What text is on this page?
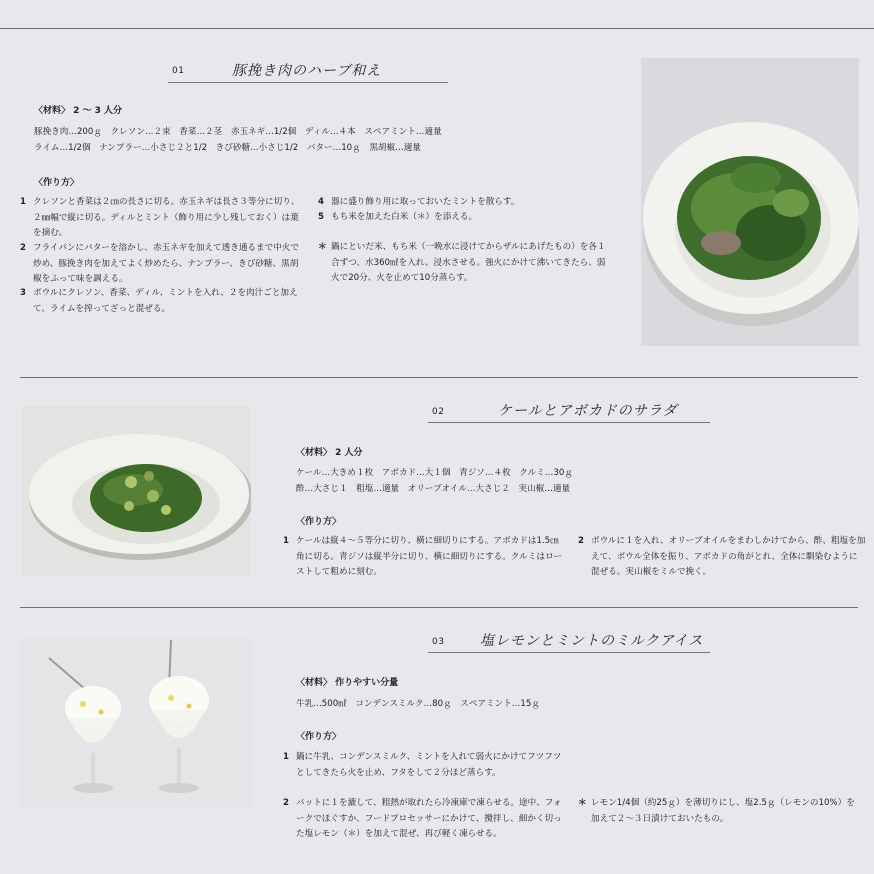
01	豚挽き肉のハーブ和え
〈材料〉 2 〜 3 人分
豚挽き肉…200ｇ　クレソン…２束　香菜…２茎　赤玉ネギ…1/2個　ディル…４本　スペアミント…適量
ライム…1/2個　ナンプラー…小さじ２と1/2　きび砂糖…小さじ1/2　バター…10ｇ　黒胡椒…適量
〈作り方〉
1 クレソンと香菜は２㎝の長さに切る。赤玉ネギは長さ３等分に切り、２㎜幅で縦に切る。ディルとミント（飾り用に少し残しておく）は葉を摘む。
2 フライパンにバターを溶かし、赤玉ネギを加えて透き通るまで中火で炒め、豚挽き肉を加えてよく炒めたら、ナンプラー、きび砂糖、黒胡椒をふって味を調える。
3 ボウルにクレソン、香菜、ディル、ミントを入れ、２を肉汁ごと加えて、ライムを搾ってざっと混ぜる。
4 器に盛り飾り用に取っておいたミントを散らす。
5 もち米を加えた白米（＊）を添える。
＊ 鍋にといだ米、もち米（一晩水に浸けてからザルにあげたもの）を各１合ずつ、水360㎖を入れ、浸水させる。強火にかけて沸いてきたら、弱火で20分、火を止めて10分蒸らす。
02	ケールとアボカドのサラダ
〈材料〉 2 人分
ケール…大きめ１枚　アボカド…大１個　青ジソ…４枚　クルミ…30ｇ
酢…大さじ１　粗塩…適量　オリーブオイル…大さじ２　実山椒…適量
〈作り方〉
1 ケールは縦４〜５等分に切り、横に細切りにする。アボカドは1.5㎝角に切る。青ジソは縦半分に切り、横に細切りにする。クルミはローストして粗めに刻む。
2 ボウルに１を入れ、オリーブオイルをまわしかけてから、酢、粗塩を加えて、ボウル全体を振り、アボカドの角がとれ、全体に馴染むように混ぜる。実山椒をミルで挽く。
03	塩レモンとミントのミルクアイス
〈材料〉 作りやすい分量
牛乳…500㎖　コンデンスミルク…80ｇ　スペアミント…15ｇ
〈作り方〉
1 鍋に牛乳、コンデンスミルク、ミントを入れて弱火にかけてフツフツとしてきたら火を止め、フタをして２分ほど蒸らす。
2 バットに１を漉して、粗熱が取れたら冷凍庫で凍らせる。途中、フォークでほぐすか、フードプロセッサーにかけて、攪拌し、細かく切った塩レモン（＊）を加えて混ぜ、再び軽く凍らせる。
＊ レモン1/4個（約25ｇ）を薄切りにし、塩2.5ｇ（レモンの10%）を加えて２〜３日漬けておいたもの。
